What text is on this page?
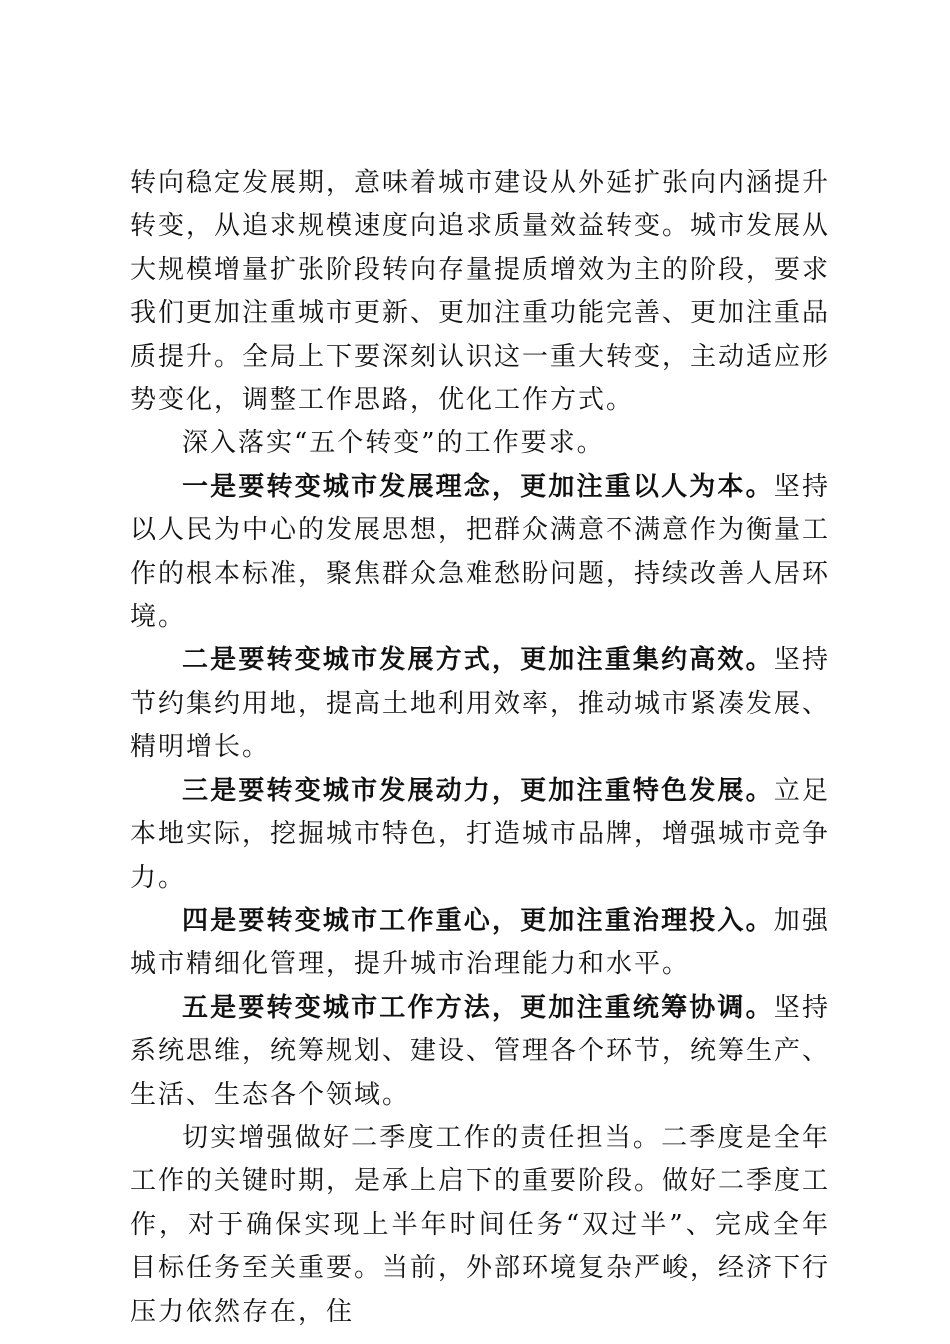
转向稳定发展期，意味着城市建设从外延扩张向内涵提升转变，从追求规模速度向追求质量效益转变。城市发展从大规模增量扩张阶段转向存量提质增效为主的阶段，要求我们更加注重城市更新、更加注重功能完善、更加注重品质提升。全局上下要深刻认识这一重大转变，主动适应形势变化，调整工作思路，优化工作方式。

深入落实“五个转变”的工作要求。

一是要转变城市发展理念，更加注重以人为本。坚持以人民为中心的发展思想，把群众满意不满意作为衡量工作的根本标准，聚焦群众急难愁盼问题，持续改善人居环境。

二是要转变城市发展方式，更加注重集约高效。坚持节约集约用地，提高土地利用效率，推动城市紧凑发展、精明增长。

三是要转变城市发展动力，更加注重特色发展。立足本地实际，挖掘城市特色，打造城市品牌，增强城市竞争力。

四是要转变城市工作重心，更加注重治理投入。加强城市精细化管理，提升城市治理能力和水平。

五是要转变城市工作方法，更加注重统筹协调。坚持系统思维，统筹规划、建设、管理各个环节，统筹生产、生活、生态各个领域。

切实增强做好二季度工作的责任担当。二季度是全年工作的关键时期，是承上启下的重要阶段。做好二季度工作，对于确保实现上半年时间任务“双过半”、完成全年目标任务至关重要。当前，外部环境复杂严峻，经济下行压力依然存在，住
